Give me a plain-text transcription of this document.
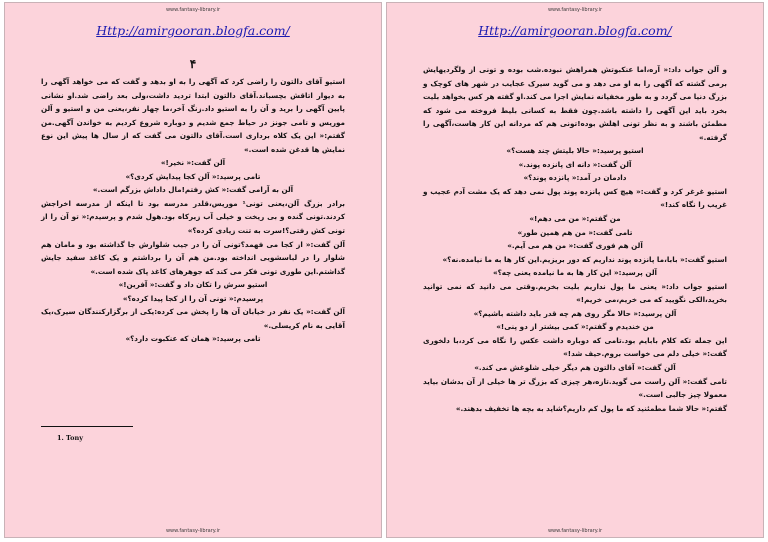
www.fantasy-library.ir
Http://amirgooran.blogfa.com/
۴

استیو آقای دالتون را راضی کرد که آگهی را به او بدهد و گفت که می خواهد آگهی را به دیوار اتاقش بچسباند.آقای دالتون ابتدا تردید داشت،ولی بعد راضی شد.او نشانی پایین آگهی را برید و آن را به استیو داد.زنگ آخر،ما چهار نفر،یعنی من و استیو و آلن موریس و تامی جونز در حیاط جمع شدیم و دوباره شروع کردیم به خواندن آگهی.من گفتم:« این یک کلاه برداری است.آقای دالتون می گفت که از سال ها پیش این نوع نمایش ها قدغن شده است.»

آلن گفت:« نخیر!»

تامی پرسید:« آلن کجا پیدایش کردی؟»

آلن به آرامی گفت:« کش رفتم!مال داداش بزرگم است.»

برادر بزرگ آلن،یعنی تونی¹ موریس،قلدر مدرسه بود تا اینکه از مدرسه اخراجش کردند.تونی گنده و بی ریخت و خیلی آب زیرکاه بود.هول شدم و پرسیدم:« تو آن را از تونی کش رفتی؟!سرت به تنت زیادی کرده؟»

آلن گفت:« از کجا می فهمد؟تونی آن را در جیب شلوارش جا گذاشته بود و مامان هم شلوار را در لباسشویی انداخته بود.من هم آن را برداشتم و یک کاغذ سفید جایش گذاشتم.این طوری تونی فکر می کند که جوهرهای کاغذ پاک شده است.»

استیو سرش را تکان داد و گفت:« آفرین!»

پرسیدم:« تونی آن را از کجا پیدا کرده؟»

آلن گفت:« یک نفر در خیابان آن ها را پخش می کرده:یکی از برگزارکنندگان سیرک،یک آقایی به نام کریسلی.»

تامی پرسید:« همان که عنکبوت دارد؟»

1. Tony
www.fantasy-library.ir
www.fantasy-library.ir
Http://amirgooran.blogfa.com/

و آلن جواب داد:« آره،اما عنکبوتش همراهش نبوده.شب بوده و تونی از ولگردیهایش برمی گشته که آگهی را به او می دهد و می گوید سیرک عجایب در شهر های کوچک و بزرگ دنیا می گردد و به طور مخفیانه نمایش اجرا می کند.او گفته هر کس بخواهد بلیت بخرد باید این آگهی را داشته باشد.چون فقط به کسانی بلیط فروخته می شود که مطمئن باشند و به نظر تونی اهلش بوده!تونی هم که مردانه این کار هاست،آگهی را گرفته.»

استیو پرسید:« حالا بلیتش چند هست؟»

آلن گفت:« دانه ای پانزده پوند.»

دادمان در آمد:« پانزده پوند؟»

استیو غرغر کرد و گفت:« هیچ کس پانزده پوند پول نمی دهد که یک مشت آدم عجیب و غریب را نگاه کند!»

من گفتم:« من می دهم!»

تامی گفت:« من هم همین طور»

آلن هم فوری گفت:« من هم می آیم.»

استیو گفت:« بابا،ما پانزده پوند نداریم که دور بریزیم.این کار ها به ما نیامده.نه؟»

آلن پرسید:« این کار ها به ما نیامده یعنی چه؟»

استیو جواب داد:« یعنی ما پول نداریم بلیت بخریم.وقتی می دانید که نمی توانید بخرید،الکی نگویید که می خریم،می خریم!»

آلن پرسید:« حالا مگر روی هم چه قدر باید داشته باشیم؟»

من خندیدم و گفتم:« کمی بیشتر از دو پنی!»

این جمله تکه کلام بابایم بود.تامی که دوباره داشت عکس را نگاه می کرد،با دلخوری گفت:« خیلی دلم می خواست بروم.حیف شد!»

آلن گفت:« آقای دالتون هم دیگر خیلی شلوغش می کند.»

تامی گفت:« آلن راست می گوید.تازه،هر چیزی که بزرگ تر ها خیلی از آن بدشان بیاید معمولا چیز جالبی است.»

گفتم:« حالا شما مطمئنید که ما پول کم داریم؟شاید به بچه ها تخفیف بدهند.»

www.fantasy-library.ir
